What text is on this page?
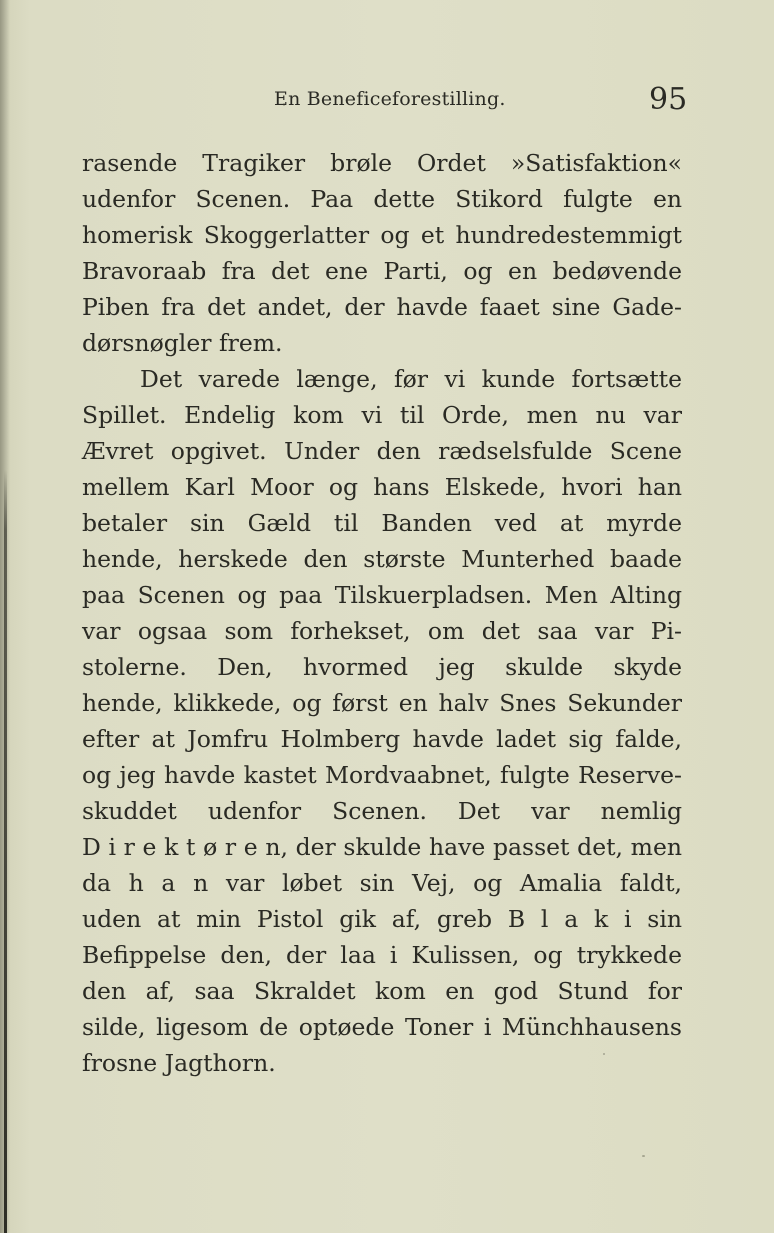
En Beneficeforestilling.	95
rasende Tragiker brøle Ordet »Satisfaktion«
udenfor Scenen. Paa dette Stikord fulgte en
homerisk Skoggerlatter og et hundredestemmigt
Bravoraab fra det ene Parti, og en bedøvende
Piben fra det andet, der havde faaet sine Gade-
dørsnøgler frem.
Det varede længe, før vi kunde fortsætte
Spillet. Endelig kom vi til Orde, men nu var
Ævret opgivet. Under den rædselsfulde Scene
mellem Karl Moor og hans Elskede, hvori han
betaler sin Gæld til Banden ved at myrde
hende, herskede den største Munterhed baade
paa Scenen og paa Tilskuerpladsen. Men Alting
var ogsaa som forhekset, om det saa var Pi-
stolerne. Den, hvormed jeg skulde skyde
hende, klikkede, og først en halv Snes Sekunder
efter at Jomfru Holmberg havde ladet sig falde,
og jeg havde kastet Mordvaabnet, fulgte Reserve-
skuddet udenfor Scenen. Det var nemlig
D i r e k t ø r e n, der skulde have passet det, men
da h a n var løbet sin Vej, og Amalia faldt,
uden at min Pistol gik af, greb B l a k i sin
Befippelse den, der laa i Kulissen, og trykkede
den af, saa Skraldet kom en god Stund for
silde, ligesom de optøede Toner i Münchhausens
frosne Jagthorn.
